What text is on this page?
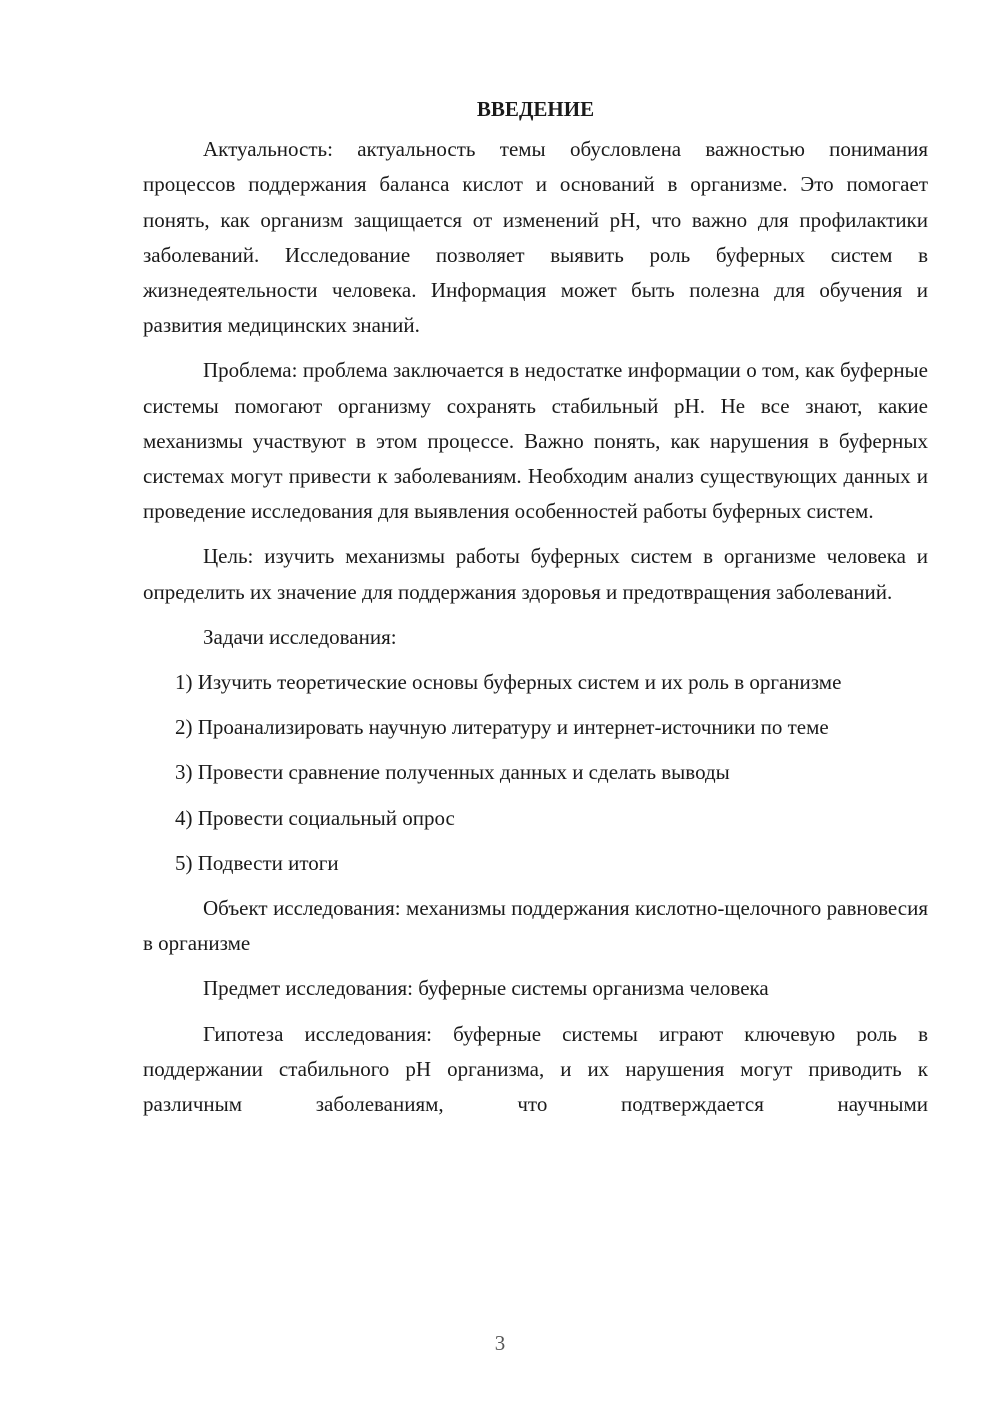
ВВЕДЕНИЕ

Актуальность: актуальность темы обусловлена важностью понимания процессов поддержания баланса кислот и оснований в организме. Это помогает понять, как организм защищается от изменений pH, что важно для профилактики заболеваний. Исследование позволяет выявить роль буферных систем в жизнедеятельности человека. Информация может быть полезна для обучения и развития медицинских знаний.

Проблема: проблема заключается в недостатке информации о том, как буферные системы помогают организму сохранять стабильный pH. Не все знают, какие механизмы участвуют в этом процессе. Важно понять, как нарушения в буферных системах могут привести к заболеваниям. Необходим анализ существующих данных и проведение исследования для выявления особенностей работы буферных систем.

Цель: изучить механизмы работы буферных систем в организме человека и определить их значение для поддержания здоровья и предотвращения заболеваний.

Задачи исследования:

1) Изучить теоретические основы буферных систем и их роль в организме

2) Проанализировать научную литературу и интернет-источники по теме

3) Провести сравнение полученных данных и сделать выводы

4) Провести социальный опрос

5) Подвести итоги

Объект исследования: механизмы поддержания кислотно-щелочного равновесия в организме

Предмет исследования: буферные системы организма человека

Гипотеза исследования: буферные системы играют ключевую роль в поддержании стабильного pH организма, и их нарушения могут приводить к различным заболеваниям, что подтверждается научными

3
